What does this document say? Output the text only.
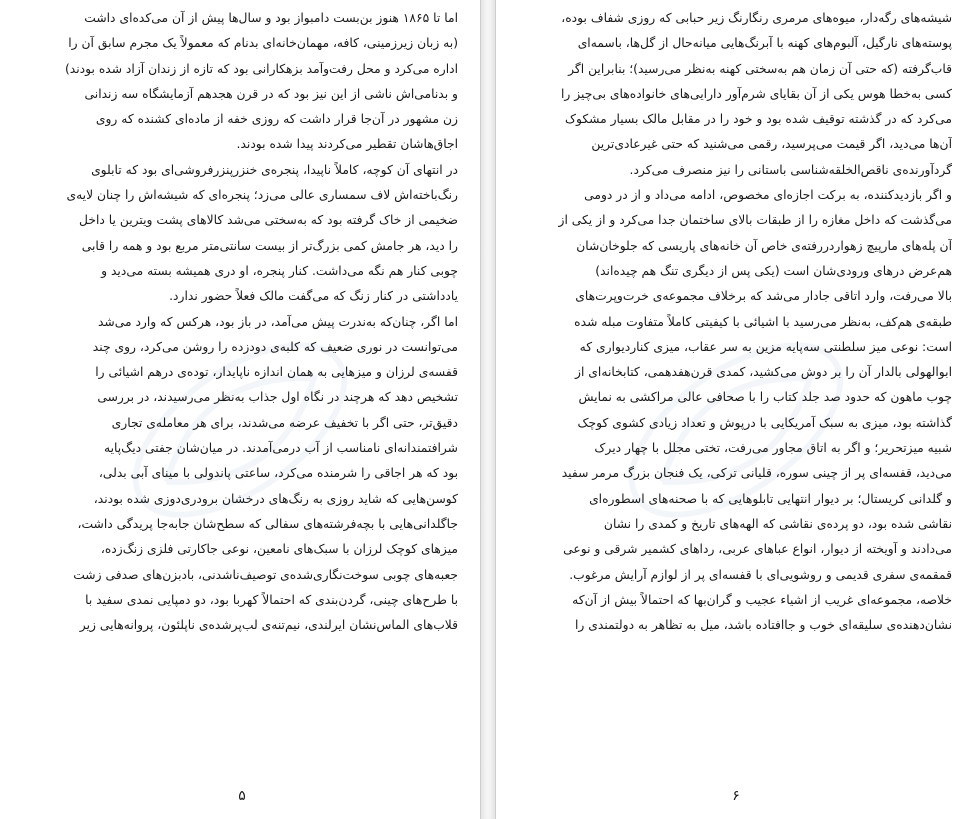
اما تا ۱۸۶۵ هنوز بن‌بست دامبواز بود و سال‌ها پیش از آن می‌کده‌ای داشت
(به زبان زیرزمینی، کافه، مهمان‌خانه‌ای بدنام که معمولاً یک مجرم سابق آن را
اداره می‌کرد و محل رفت‌وآمد بزهکارانی بود که تازه از زندان آزاد شده بودند)
و بدنامی‌اش ناشی از این نیز بود که در قرن هجدهم آزمایشگاه سه زندانی
زن مشهور در آن‌جا قرار داشت که روزی خفه از ماده‌ای کشنده که روی
اجاق‌هاشان تقطیر می‌کردند پیدا شده بودند.
در انتهای آن کوچه، کاملاً ناپیدا، پنجره‌ی خنزرپنزرفروشی‌ای بود که تابلوی
رنگ‌باخته‌اش لاف سمساری عالی می‌زد؛ پنجره‌ای که شیشه‌اش را چنان لایه‌ی
ضخیمی از خاک گرفته بود که به‌سختی می‌شد کالاهای پشت ویترین یا داخل
را دید، هر جامش کمی بزرگ‌تر از بیست سانتی‌متر مربع بود و همه را قابی
چوبی کنار هم نگه می‌داشت. کنار پنجره، او دری همیشه بسته می‌دید و
یادداشتی در کنار زنگ که می‌گفت مالک فعلاً حضور ندارد.
اما اگر، چنان‌که به‌ندرت پیش می‌آمد، در باز بود، هرکس که وارد می‌شد
می‌توانست در نوری ضعیف که کلبه‌ی دودزده را روشن می‌کرد، روی چند
قفسه‌ی لرزان و میزهایی به همان اندازه ناپایدار، توده‌ی درهم اشیائی را
تشخیص دهد که هرچند در نگاه اول جذاب به‌نظر می‌رسیدند، در بررسی
دقیق‌تر، حتی اگر با تخفیف عرضه می‌شدند، برای هر معامله‌ی تجاری
شرافتمندانه‌ای نامناسب از آب درمی‌آمدند. در میان‌شان جفتی دیگ‌پایه
بود که هر اجاقی را شرمنده می‌کرد، ساعتی پاندولی با مینای آبی بدلی،
کوسن‌هایی که شاید روزی به رنگ‌های درخشان برودری‌دوزی شده بودند،
جاگلدانی‌هایی با بچه‌فرشته‌های سفالی که سطح‌شان جابه‌جا پریدگی داشت،
میزهای کوچک لرزان با سبک‌های نامعین، نوعی جاکارتی فلزی زنگ‌زده،
جعبه‌های چوبی سوخت‌نگاری‌شده‌ی توصیف‌ناشدنی، بادبزن‌های صدفی زشت
با طرح‌های چینی، گردن‌بندی که احتمالاً کهربا بود، دو دمپایی نمدی سفید با
قلاب‌های الماس‌نشان ایرلندی، نیم‌تنه‌ی لب‌پرشده‌ی ناپلئون، پروانه‌هایی زیر
۵
شیشه‌های رگه‌دار، میوه‌های مرمری رنگارنگ زیر حبابی که روزی شفاف بوده،
پوسته‌های نارگیل، آلبوم‌های کهنه با آبرنگ‌هایی میانه‌حال از گل‌ها، باسمه‌ای
قاب‌گرفته (که حتی آن زمان هم به‌سختی کهنه به‌نظر می‌رسید)؛ بنابراین اگر
کسی به‌خطا هوس یکی از آن بقایای شرم‌آور دارایی‌های خانواده‌های بی‌چیز را
می‌کرد که در گذشته توقیف شده بود و خود را در مقابل مالک بسیار مشکوک
آن‌ها می‌دید، اگر قیمت می‌پرسید، رقمی می‌شنید که حتی غیرعادی‌ترین
گردآورنده‌ی ناقص‌الخلقه‌شناسی باستانی را نیز منصرف می‌کرد.
و اگر بازدیدکننده، به برکت اجازه‌ای مخصوص، ادامه می‌داد و از در دومی
می‌گذشت که داخل مغازه را از طبقات بالای ساختمان جدا می‌کرد و از یکی از
آن پله‌های مارپیچ زهواردررفته‌ی خاص آن خانه‌های پاریسی که جلوخان‌شان
هم‌عرض درهای ورودی‌شان است (یکی پس از دیگری تنگ هم چیده‌اند)
بالا می‌رفت، وارد اتاقی جادار می‌شد که برخلاف مجموعه‌ی خرت‌وپرت‌های
طبقه‌ی هم‌کف، به‌نظر می‌رسید با اشیائی با کیفیتی کاملاً متفاوت مبله شده
است: نوعی میز سلطنتی سه‌پایه مزین به سر عقاب، میزی کناردیواری که
ابوالهولی بالدار آن را بر دوش می‌کشید، کمدی قرن‌هفدهمی، کتابخانه‌ای از
چوب ماهون که حدود صد جلد کتاب را با صحافی عالی مراکشی به نمایش
گذاشته بود، میزی به سبک آمریکایی با درپوش و تعداد زیادی کشوی کوچک
شبیه میزتحریر؛ و اگر به اتاق مجاور می‌رفت، تختی مجلل با چهار دیرک
می‌دید، قفسه‌ای پر از چینی سوره، قلیانی ترکی، یک فنجان بزرگ مرمر سفید
و گلدانی کریستال؛ بر دیوار انتهایی تابلوهایی که با صحنه‌های اسطوره‌ای
نقاشی شده بود، دو پرده‌ی نقاشی که الهه‌های تاریخ و کمدی را نشان
می‌دادند و آویخته از دیوار، انواع عباهای عربی، رداهای کشمیر شرقی و نوعی
قمقمه‌ی سفری قدیمی و روشویی‌ای با قفسه‌ای پر از لوازم آرایش مرغوب.
خلاصه، مجموعه‌ای غریب از اشیاء عجیب و گران‌بها که احتمالاً بیش از آن‌که
نشان‌دهنده‌ی سلیقه‌ای خوب و جاافتاده باشد، میل به تظاهر به دولتمندی را
۶
